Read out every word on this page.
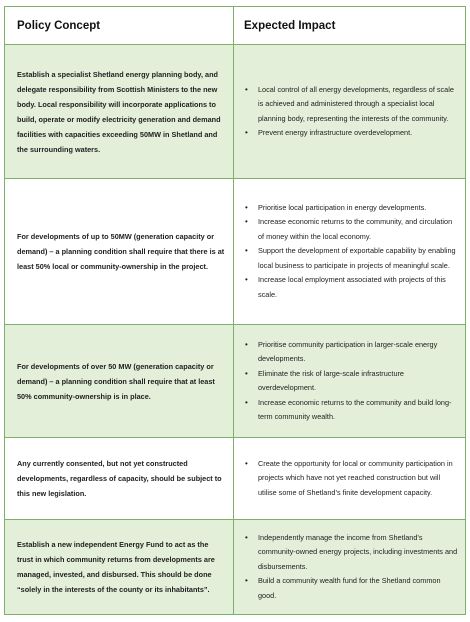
Policy Concept	Expected Impact
Establish a specialist Shetland energy planning body, and delegate responsibility from Scottish Ministers to the new body. Local responsibility will incorporate applications to build, operate or modify electricity generation and demand facilities with capacities exceeding 50MW in Shetland and the surrounding waters.
• Local control of all energy developments, regardless of scale is achieved and administered through a specialist local planning body, representing the interests of the community.
• Prevent energy infrastructure overdevelopment.
For developments of up to 50MW (generation capacity or demand) – a planning condition shall require that there is at least 50% local or community-ownership in the project.
• Prioritise local participation in energy developments.
• Increase economic returns to the community, and circulation of money within the local economy.
• Support the development of exportable capability by enabling local business to participate in projects of meaningful scale.
• Increase local employment associated with projects of this scale.
For developments of over 50 MW (generation capacity or demand) – a planning condition shall require that at least 50% community-ownership is in place.
• Prioritise community participation in larger-scale energy developments.
• Eliminate the risk of large-scale infrastructure overdevelopment.
• Increase economic returns to the community and build long-term community wealth.
Any currently consented, but not yet constructed developments, regardless of capacity, should be subject to this new legislation.
• Create the opportunity for local or community participation in projects which have not yet reached construction but will utilise some of Shetland’s finite development capacity.
Establish a new independent Energy Fund to act as the trust in which community returns from developments are managed, invested, and disbursed. This should be done “solely in the interests of the county or its inhabitants”.
• Independently manage the income from Shetland’s community-owned energy projects, including investments and disbursements.
• Build a community wealth fund for the Shetland common good.
